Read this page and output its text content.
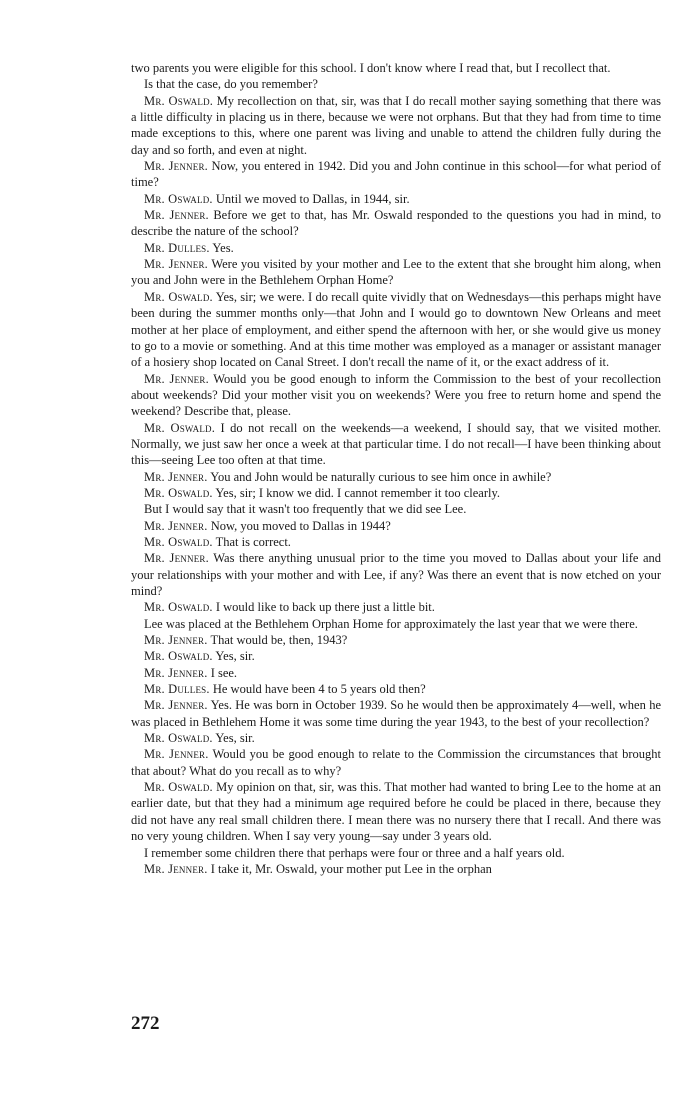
two parents you were eligible for this school. I don't know where I read that, but I recollect that.

Is that the case, do you remember?

Mr. Oswald. My recollection on that, sir, was that I do recall mother saying something that there was a little difficulty in placing us in there, because we were not orphans. But that they had from time to time made exceptions to this, where one parent was living and unable to attend the children fully during the day and so forth, and even at night.

Mr. Jenner. Now, you entered in 1942. Did you and John continue in this school—for what period of time?

Mr. Oswald. Until we moved to Dallas, in 1944, sir.

Mr. Jenner. Before we get to that, has Mr. Oswald responded to the questions you had in mind, to describe the nature of the school?

Mr. Dulles. Yes.

Mr. Jenner. Were you visited by your mother and Lee to the extent that she brought him along, when you and John were in the Bethlehem Orphan Home?

Mr. Oswald. Yes, sir; we were. I do recall quite vividly that on Wednesdays—this perhaps might have been during the summer months only—that John and I would go to downtown New Orleans and meet mother at her place of employment, and either spend the afternoon with her, or she would give us money to go to a movie or something. And at this time mother was employed as a manager or assistant manager of a hosiery shop located on Canal Street. I don't recall the name of it, or the exact address of it.

Mr. Jenner. Would you be good enough to inform the Commission to the best of your recollection about weekends? Did your mother visit you on weekends? Were you free to return home and spend the weekend? Describe that, please.

Mr. Oswald. I do not recall on the weekends—a weekend, I should say, that we visited mother. Normally, we just saw her once a week at that particular time. I do not recall—I have been thinking about this—seeing Lee too often at that time.

Mr. Jenner. You and John would be naturally curious to see him once in awhile?

Mr. Oswald. Yes, sir; I know we did. I cannot remember it too clearly.

But I would say that it wasn't too frequently that we did see Lee.

Mr. Jenner. Now, you moved to Dallas in 1944?

Mr. Oswald. That is correct.

Mr. Jenner. Was there anything unusual prior to the time you moved to Dallas about your life and your relationships with your mother and with Lee, if any? Was there an event that is now etched on your mind?

Mr. Oswald. I would like to back up there just a little bit.

Lee was placed at the Bethlehem Orphan Home for approximately the last year that we were there.

Mr. Jenner. That would be, then, 1943?

Mr. Oswald. Yes, sir.

Mr. Jenner. I see.

Mr. Dulles. He would have been 4 to 5 years old then?

Mr. Jenner. Yes. He was born in October 1939. So he would then be approximately 4—well, when he was placed in Bethlehem Home it was some time during the year 1943, to the best of your recollection?

Mr. Oswald. Yes, sir.

Mr. Jenner. Would you be good enough to relate to the Commission the circumstances that brought that about? What do you recall as to why?

Mr. Oswald. My opinion on that, sir, was this. That mother had wanted to bring Lee to the home at an earlier date, but that they had a minimum age required before he could be placed in there, because they did not have any real small children there. I mean there was no nursery there that I recall. And there was no very young children. When I say very young—say under 3 years old.

I remember some children there that perhaps were four or three and a half years old.

Mr. Jenner. I take it, Mr. Oswald, your mother put Lee in the orphan

272
